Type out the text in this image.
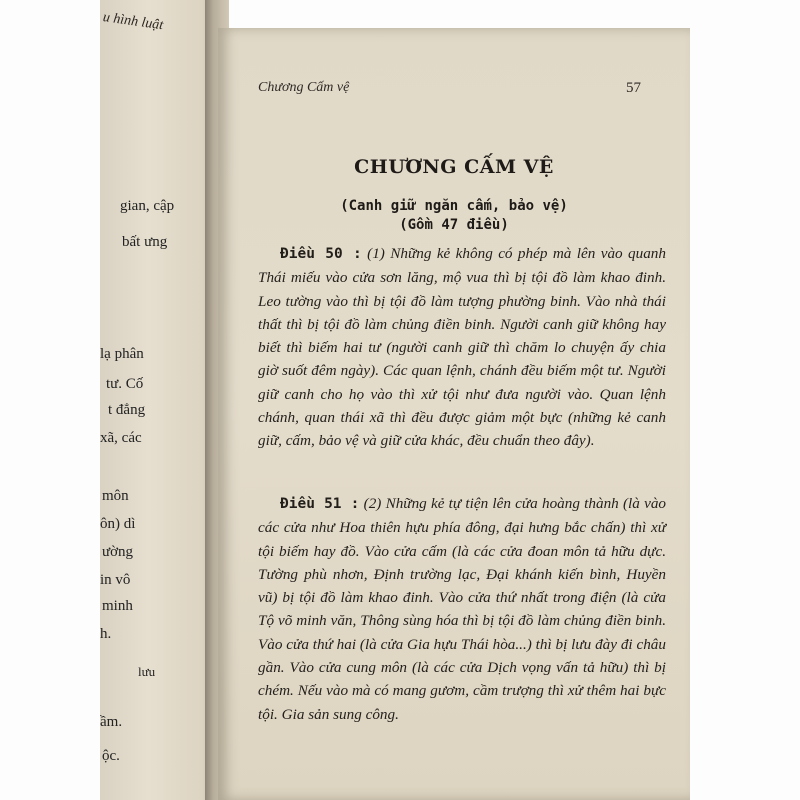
u hình luật
gian, cập
bất ưng
lạ phân
tư. Cố
t đẳng
xã, các
môn
ôn) dì
ường
in vô
minh
h.
lưu
ầm.
ộc.
Chương Cấm vệ	57
CHƯƠNG CẤM VỆ
(Canh giữ ngăn cấm, bảo vệ)
(Gồm 47 điều)
Điều 50 : (1) Những kẻ không có phép mà lên vào quanh Thái miếu vào cửa sơn lăng, mộ vua thì bị tội đồ làm khao đinh. Leo tường vào thì bị tội đồ làm tượng phường binh. Vào nhà thái thất thì bị tội đồ làm chủng điền binh. Người canh giữ không hay biết thì biếm hai tư (người canh giữ thì chăm lo chuyện ấy chia giờ suốt đêm ngày). Các quan lệnh, chánh đều biếm một tư. Người giữ canh cho họ vào thì xử tội như đưa người vào. Quan lệnh chánh, quan thái xã thì đều được giảm một bực (những kẻ canh giữ, cấm, bảo vệ và giữ cửa khác, đều chuẩn theo đây).
Điều 51 : (2) Những kẻ tự tiện lên cửa hoàng thành (là vào các cửa như Hoa thiên hựu phía đông, đại hưng bắc chấn) thì xử tội biếm hay đồ. Vào cửa cấm (là các cửa đoan môn tả hữu dực. Tường phù nhơn, Định trường lạc, Đại khánh kiến bình, Huyền vũ) bị tội đồ làm khao đinh. Vào cửa thứ nhất trong điện (là cửa Tộ võ minh văn, Thông sùng hóa thì bị tội đồ làm chủng điền binh. Vào cửa thứ hai (là cửa Gia hựu Thái hòa...) thì bị lưu đày đi châu gần. Vào cửa cung môn (là các cửa Dịch vọng vấn tả hữu) thì bị chém. Nếu vào mà có mang gươm, cầm trượng thì xử thêm hai bực tội. Gia sản sung công.
